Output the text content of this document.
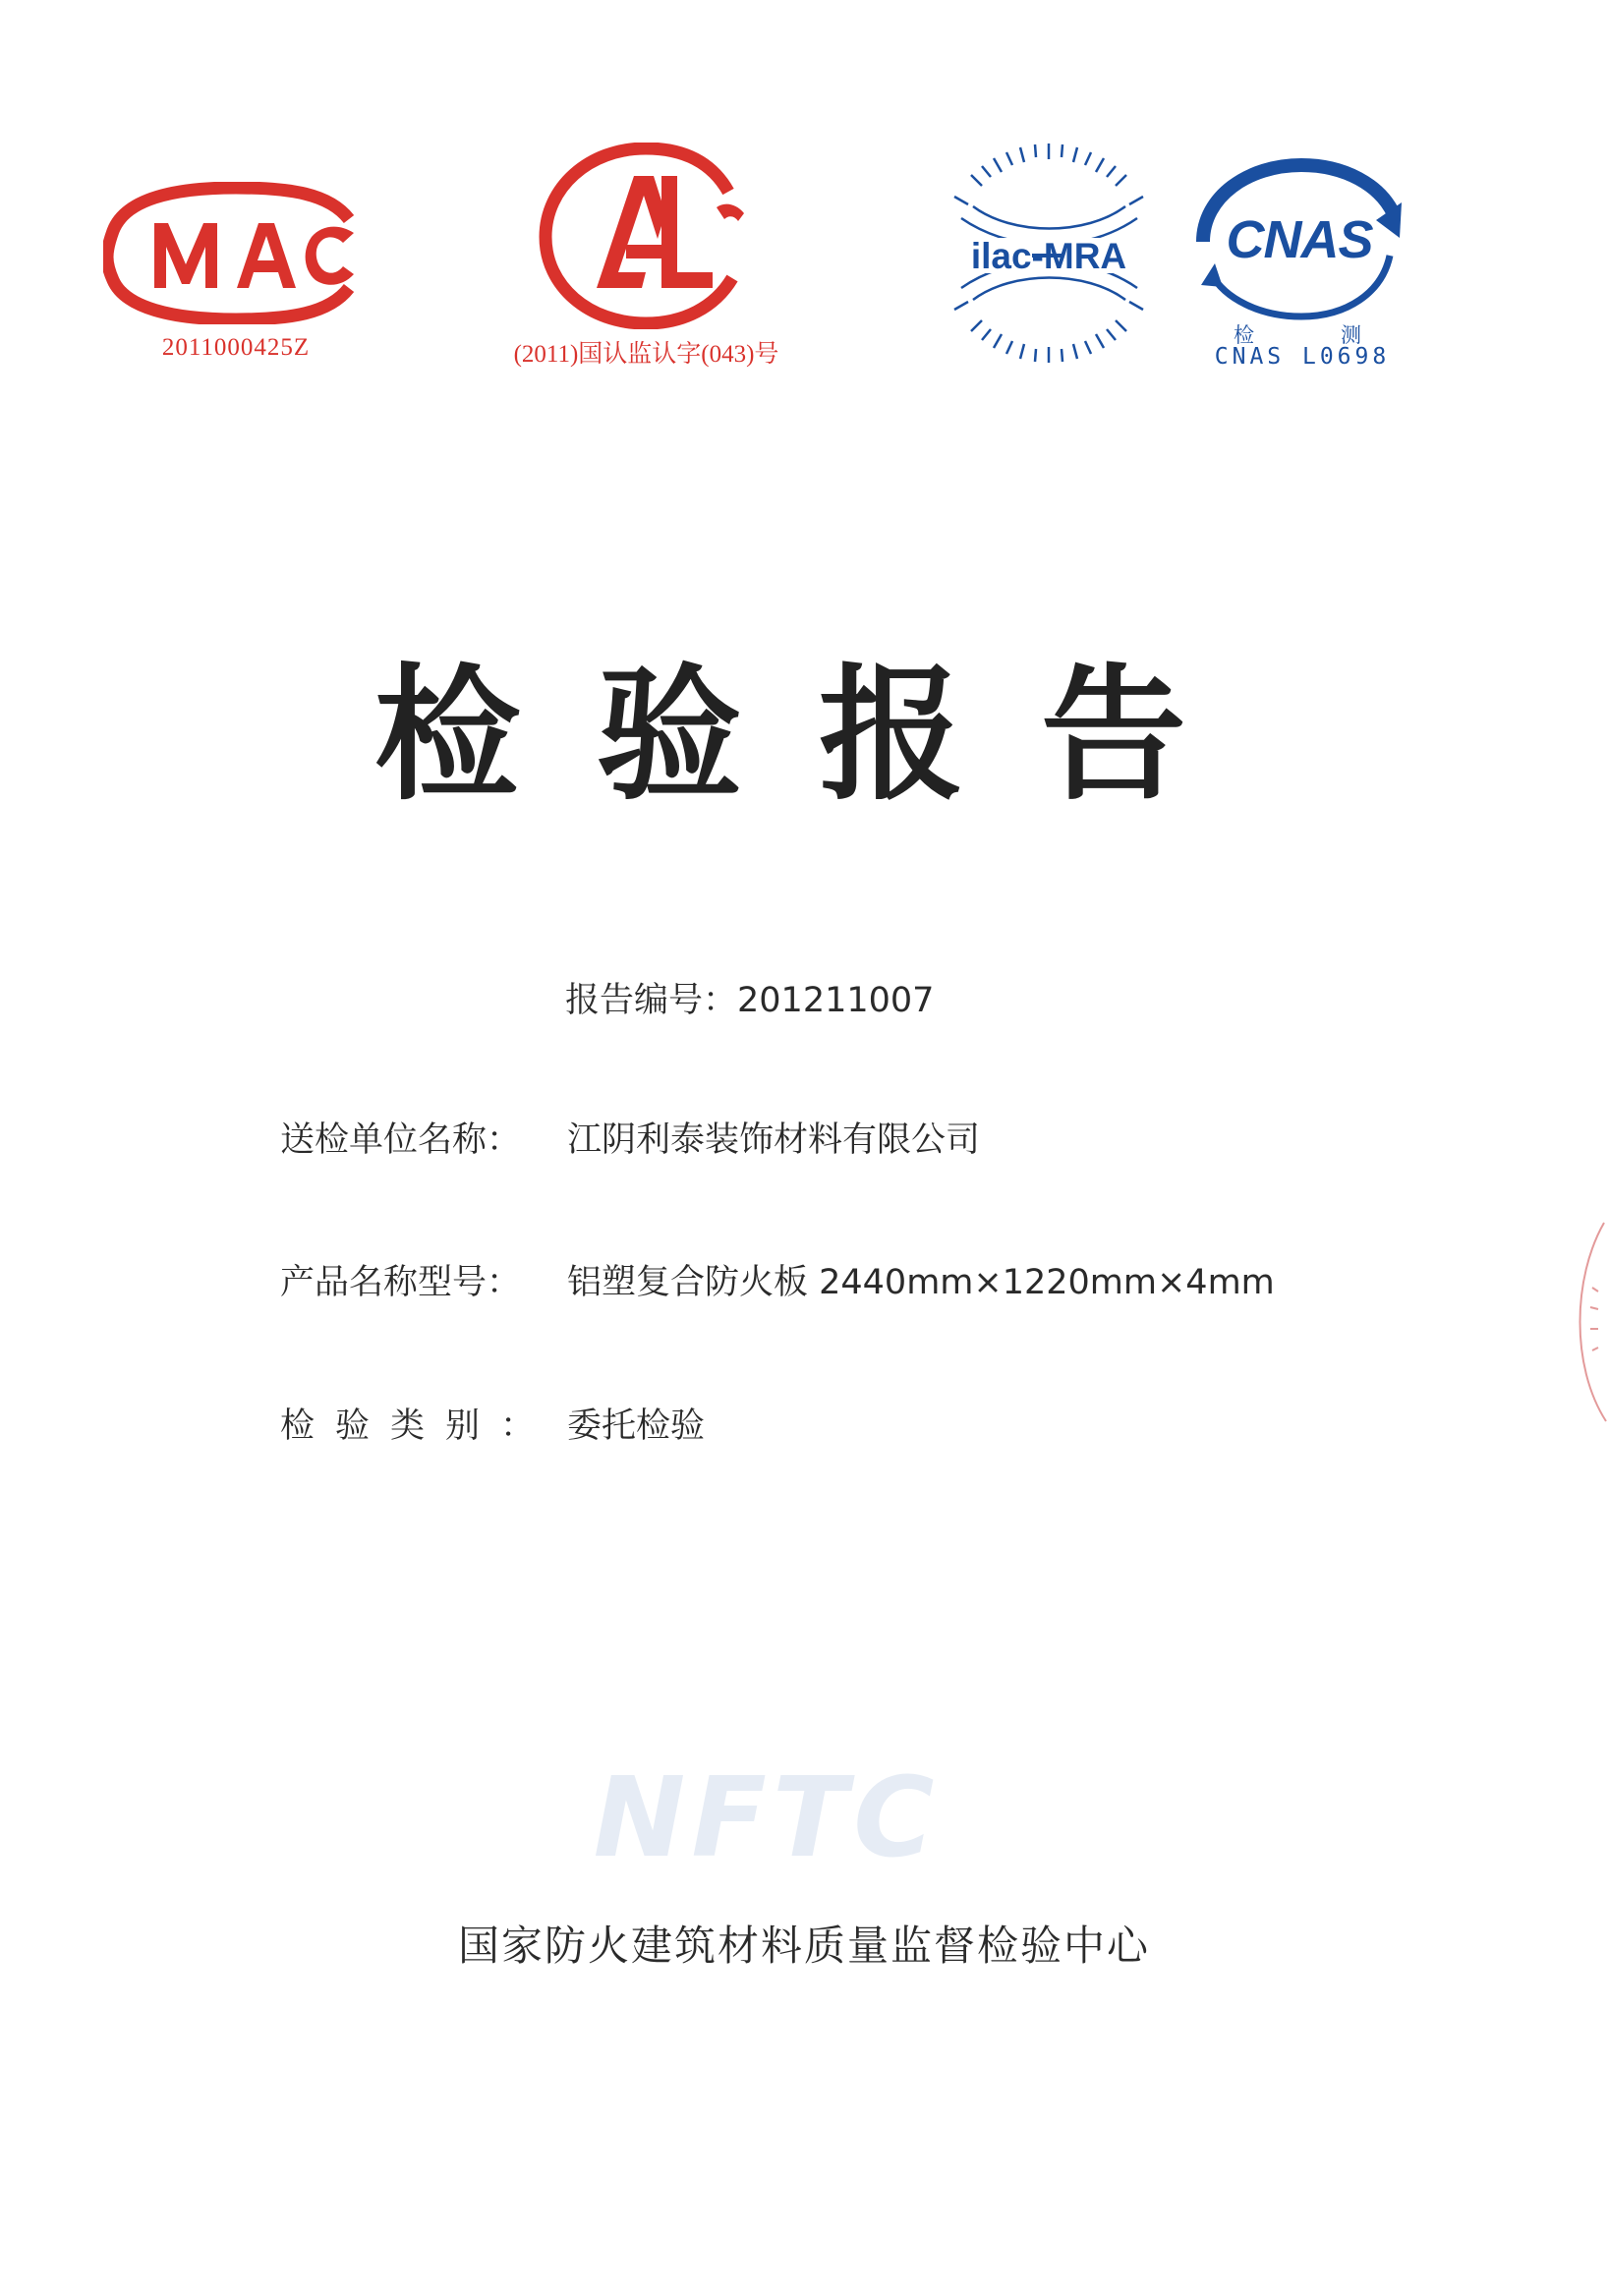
2011000425Z	(2011)国认监认字(043)号
ilac-MRA CNAS
检	测
CNAS L0698
检验报告
报告编号：201211007
送检单位名称： 江阴利泰装饰材料有限公司
产品名称型号： 铝塑复合防火板 2440mm×1220mm×4mm
检验类别： 委托检验
NFTC
国家防火建筑材料质量监督检验中心
